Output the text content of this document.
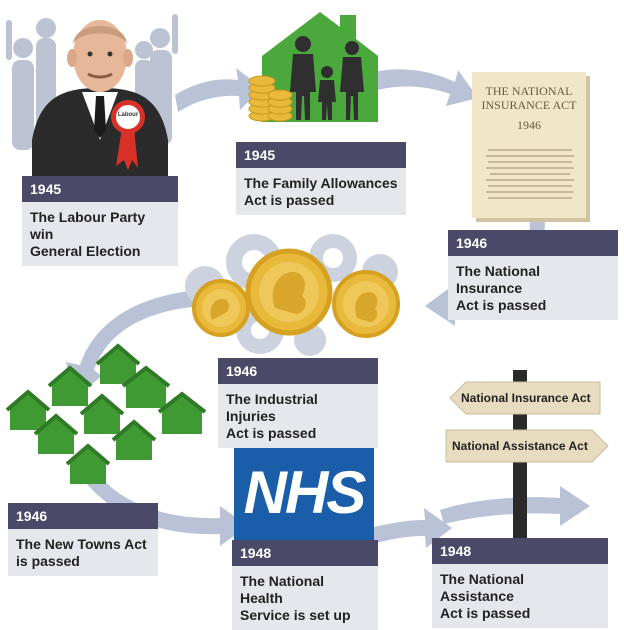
Labour
THE NATIONAL
INSURANCE ACT
1946
NHS
National Insurance Act
National Assistance Act
1945
The Labour Party win
General Election
1945
The Family Allowances
Act is passed
1946
The National Insurance
Act is passed
1946
The Industrial Injuries
Act is passed
1946
The New Towns Act
is passed	1948
The National Health
Service is set up
1948
The National Assistance
Act is passed
